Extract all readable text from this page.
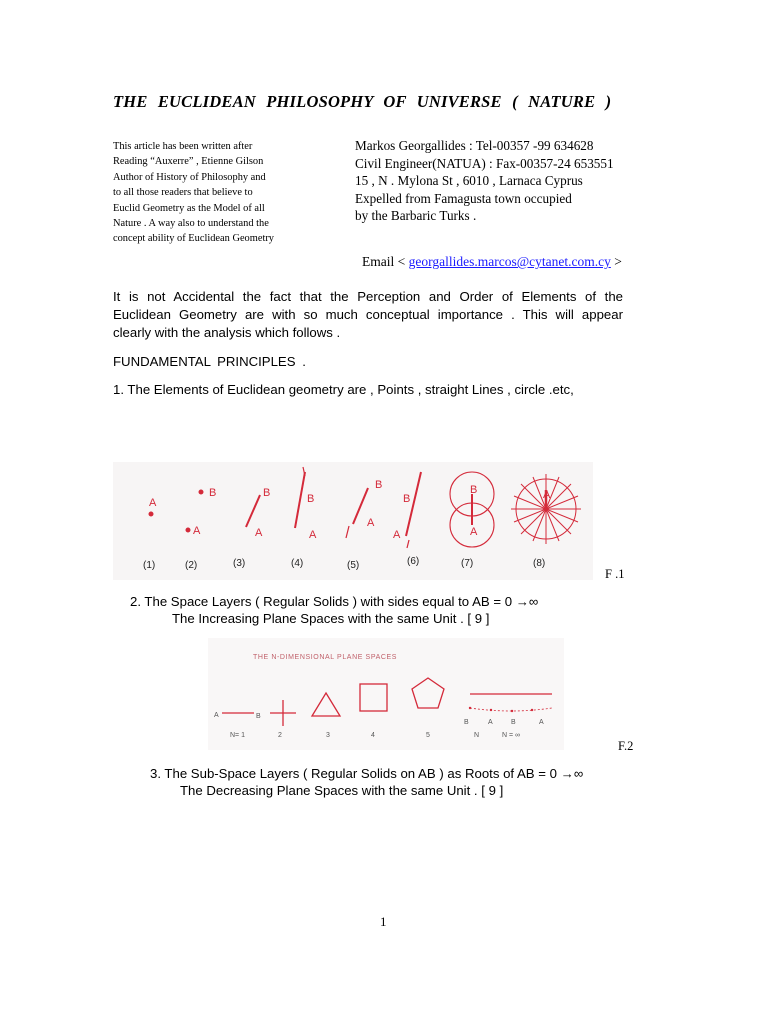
THE EUCLIDEAN PHILOSOPHY OF UNIVERSE ( NATURE )
This article has been written after
Reading “Auxerre” , Etienne Gilson
Author of History of Philosophy and
to all those readers that believe to
Euclid Geometry as the Model of all
Nature . A way also to understand the
concept ability of Euclidean Geometry
Markos Georgallides : Tel-00357 -99 634628
Civil Engineer(NATUA) : Fax-00357-24 653551
15 , N . Mylona St , 6010 , Larnaca Cyprus
Expelled from Famagusta town occupied
by the Barbaric Turks .
Email < georgallides.marcos@cytanet.com.cy >
It is not Accidental the fact that the Perception and Order of Elements of the
Euclidean Geometry are with so much conceptual importance . This will appear
clearly with the analysis which follows .
FUNDAMENTAL PRINCIPLES .
1. The Elements of Euclidean geometry are , Points , straight Lines , circle .etc,
A
B
A
B
A
B
A
B
A
B
A
B
A
A
(1)	(2)	(3)	(4)	(5)	(6)	(7)	(8)
F .1
2. The Space Layers ( Regular Solids ) with sides equal to AB = 0 →∞
The Increasing Plane Spaces with the same Unit . [ 9 ]
THE N-DIMENSIONAL PLANE SPACES
A	B
B	A	B	A
N= 1	2	3	4	5	N	N = ∞
F.2
3. The Sub-Space Layers ( Regular Solids on AB ) as Roots of AB = 0 →∞
The Decreasing Plane Spaces with the same Unit . [ 9 ]
1
